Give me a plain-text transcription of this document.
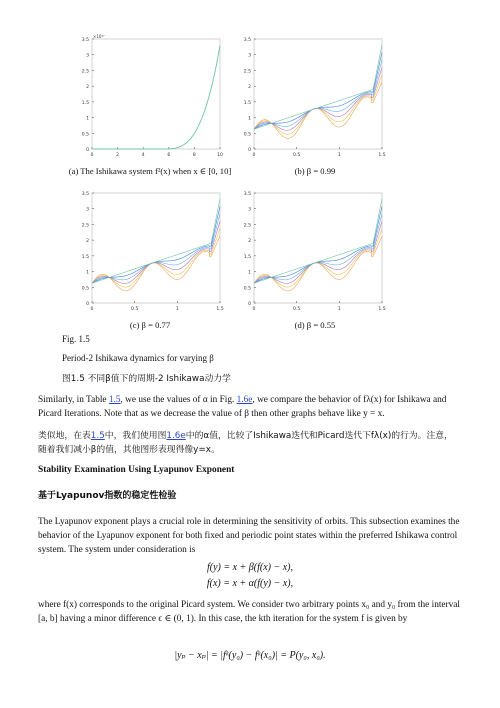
3.5
3
2.5
2
1.5
1
0.5
0
0	2	4	6	8	10
×10²⁷
3.5
3
2.5
2
1.5
1
0.5
0
0	0.5	1	1.5
(a) The Ishikawa system f²(x) when x ∈ [0, 10]	(b) β = 0.99
3.5
3
2.5
2
1.5
1
0.5
0
0	0.5	1	1.5
3.5
3
2.5
2
1.5
1
0.5
0
0	0.5	1	1.5
(c) β = 0.77	(d) β = 0.55
Fig. 1.5
Period-2 Ishikawa dynamics for varying β
图1.5 不同β值下的周期-2 Ishikawa动力学
Similarly, in Table 1.5, we use the values of α in Fig. 1.6e, we compare the behavior of fλ(x) for Ishikawa and Picard Iterations. Note that as we decrease the value of β then other graphs behave like y = x.
类似地，在表1.5中，我们使用图1.6e中的α值，比较了Ishikawa迭代和Picard迭代下fλ(x)的行为。注意，随着我们减小β的值，其他图形表现得像y=x。
Stability Examination Using Lyapunov Exponent
基于Lyapunov指数的稳定性检验
The Lyapunov exponent plays a crucial role in determining the sensitivity of orbits. This subsection examines the behavior of the Lyapunov exponent for both fixed and periodic point states within the preferred Ishikawa control system. The system under consideration is
f(y) = x + β(f(x) − x),
f(x) = x + α(f(y) − x),
where f(x) corresponds to the original Picard system. We consider two arbitrary points x₀ and y₀ from the interval [a, b] having a minor difference ϵ ∈ (0, 1). In this case, the kth iteration for the system f is given by
|yₚ − xₚ| = |fᵏ(y₀) − fᵏ(x₀)| = P(y₀, x₀).
